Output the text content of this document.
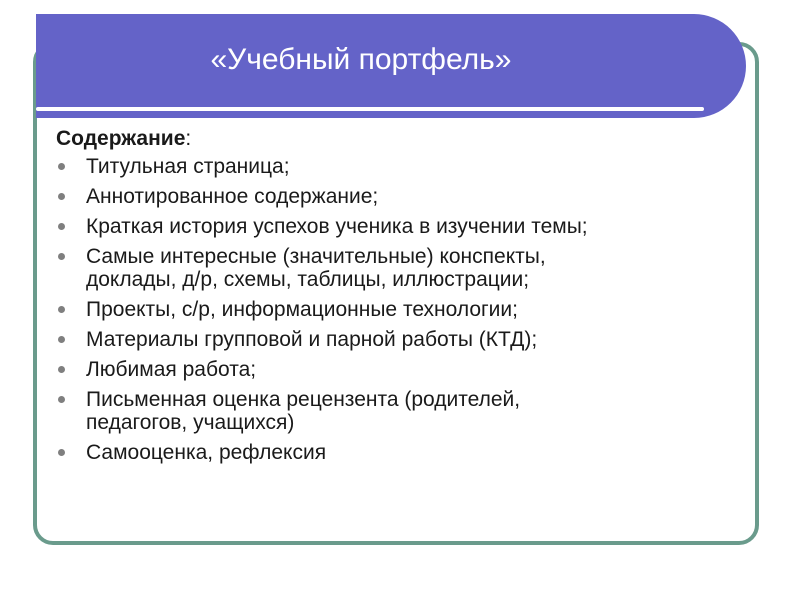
«Учебный портфель»
Содержание:
Титульная страница;
Аннотированное содержание;
Краткая история успехов ученика в изучении темы;
Самые интересные (значительные) конспекты,
доклады, д/р, схемы, таблицы, иллюстрации;
Проекты, с/р, информационные технологии;
Материалы групповой и парной работы (КТД);
Любимая работа;
Письменная оценка рецензента (родителей,
педагогов, учащихся)
Самооценка, рефлексия
